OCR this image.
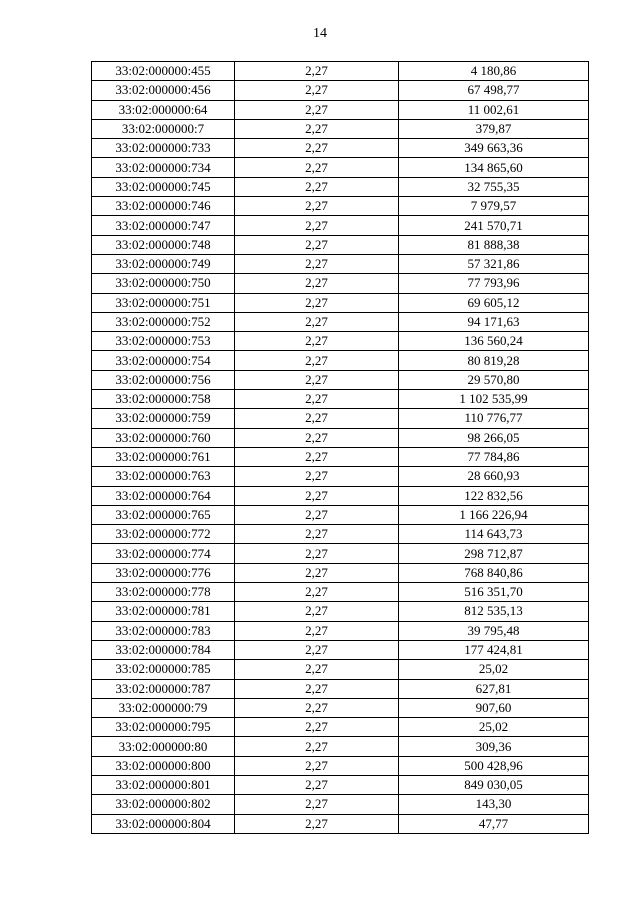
14
33:02:000000:455	2,27	4 180,86
33:02:000000:456	2,27	67 498,77
33:02:000000:64	2,27	11 002,61
33:02:000000:7	2,27	379,87
33:02:000000:733	2,27	349 663,36
33:02:000000:734	2,27	134 865,60
33:02:000000:745	2,27	32 755,35
33:02:000000:746	2,27	7 979,57
33:02:000000:747	2,27	241 570,71
33:02:000000:748	2,27	81 888,38
33:02:000000:749	2,27	57 321,86
33:02:000000:750	2,27	77 793,96
33:02:000000:751	2,27	69 605,12
33:02:000000:752	2,27	94 171,63
33:02:000000:753	2,27	136 560,24
33:02:000000:754	2,27	80 819,28
33:02:000000:756	2,27	29 570,80
33:02:000000:758	2,27	1 102 535,99
33:02:000000:759	2,27	110 776,77
33:02:000000:760	2,27	98 266,05
33:02:000000:761	2,27	77 784,86
33:02:000000:763	2,27	28 660,93
33:02:000000:764	2,27	122 832,56
33:02:000000:765	2,27	1 166 226,94
33:02:000000:772	2,27	114 643,73
33:02:000000:774	2,27	298 712,87
33:02:000000:776	2,27	768 840,86
33:02:000000:778	2,27	516 351,70
33:02:000000:781	2,27	812 535,13
33:02:000000:783	2,27	39 795,48
33:02:000000:784	2,27	177 424,81
33:02:000000:785	2,27	25,02
33:02:000000:787	2,27	627,81
33:02:000000:79	2,27	907,60
33:02:000000:795	2,27	25,02
33:02:000000:80	2,27	309,36
33:02:000000:800	2,27	500 428,96
33:02:000000:801	2,27	849 030,05
33:02:000000:802	2,27	143,30
33:02:000000:804	2,27	47,77
